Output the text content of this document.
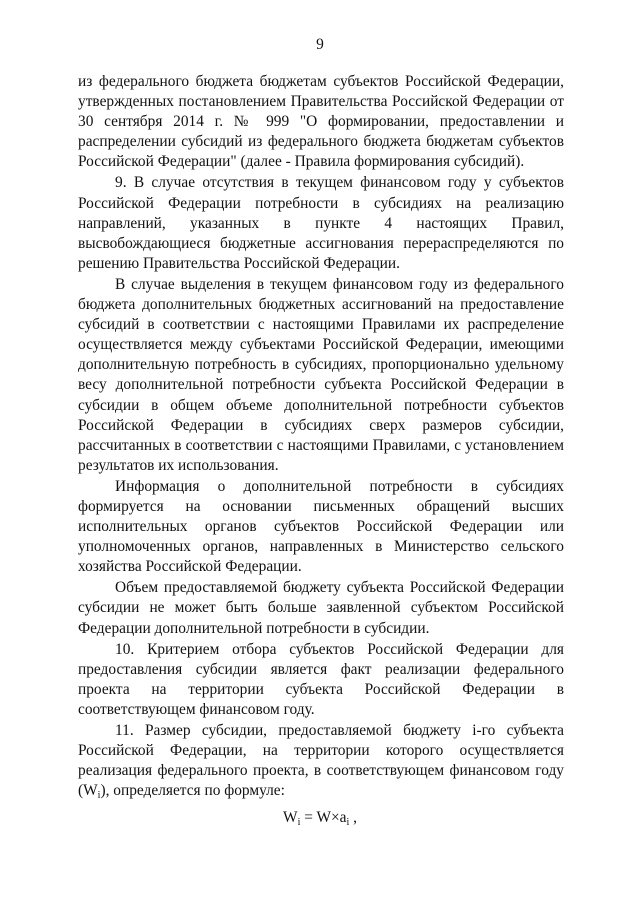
9

из федерального бюджета бюджетам субъектов Российской Федерации, утвержденных постановлением Правительства Российской Федерации от 30 сентября 2014 г. № 999 "О формировании, предоставлении и распределении субсидий из федерального бюджета бюджетам субъектов Российской Федерации" (далее - Правила формирования субсидий).

9. В случае отсутствия в текущем финансовом году у субъектов Российской Федерации потребности в субсидиях на реализацию направлений, указанных в пункте 4 настоящих Правил, высвобождающиеся бюджетные ассигнования перераспределяются по решению Правительства Российской Федерации.

В случае выделения в текущем финансовом году из федерального бюджета дополнительных бюджетных ассигнований на предоставление субсидий в соответствии с настоящими Правилами их распределение осуществляется между субъектами Российской Федерации, имеющими дополнительную потребность в субсидиях, пропорционально удельному весу дополнительной потребности субъекта Российской Федерации в субсидии в общем объеме дополнительной потребности субъектов Российской Федерации в субсидиях сверх размеров субсидии, рассчитанных в соответствии с настоящими Правилами, с установлением результатов их использования.

Информация о дополнительной потребности в субсидиях формируется на основании письменных обращений высших исполнительных органов субъектов Российской Федерации или уполномоченных органов, направленных в Министерство сельского хозяйства Российской Федерации.

Объем предоставляемой бюджету субъекта Российской Федерации субсидии не может быть больше заявленной субъектом Российской Федерации дополнительной потребности в субсидии.

10. Критерием отбора субъектов Российской Федерации для предоставления субсидии является факт реализации федерального проекта на территории субъекта Российской Федерации в соответствующем финансовом году.

11. Размер субсидии, предоставляемой бюджету i-го субъекта Российской Федерации, на территории которого осуществляется реализация федерального проекта, в соответствующем финансовом году $(W_i)$, определяется по формуле:

$W_i = W\times a_i$ ,
